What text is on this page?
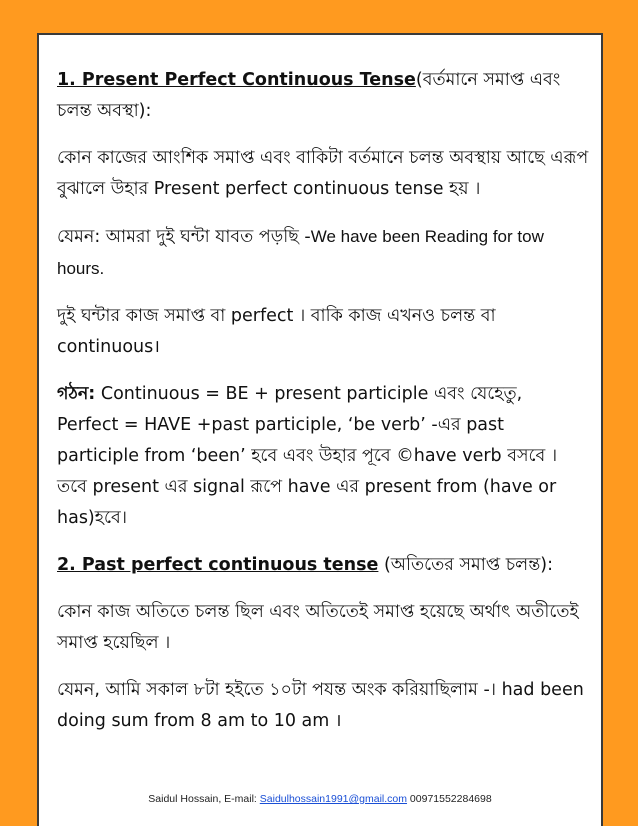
1. Present Perfect Continuous Tense(বর্তমানে সমাপ্ত এবং চলন্ত অবস্থা):

কোন কাজের আংশিক সমাপ্ত এবং বাকিটা বর্তমানে চলন্ত অবস্থায় আছে এরূপ বুঝালে উহার Present perfect continuous tense হয় ।

যেমন: আমরা দুই ঘন্টা যাবত পড়ছি -We have been Reading for tow hours.

দুই ঘন্টার কাজ সমাপ্ত বা perfect । বাকি কাজ এখনও চলন্ত বা continuous।

গঠন: Continuous = BE + present participle এবং যেহেতু, Perfect = HAVE +past participle, ‘be verb’ -এর past participle from ‘been’ হবে এবং উহার পূবে ©have verb বসবে । তবে present এর signal রূপে have এর present from (have or has)হবে।

2. Past perfect continuous tense (অতিতের সমাপ্ত চলন্ত):

কোন কাজ অতিতে চলন্ত ছিল এবং অতিতেই সমাপ্ত হয়েছে অর্থাৎ অতীতেই সমাপ্ত হয়েছিল ।

যেমন, আমি সকাল ৮টা হইতে ১০টা পযন্ত অংক করিয়াছিলাম -। had been doing sum from 8 am to 10 am ।

Saidul Hossain, E-mail: Saidulhossain1991@gmail.com 00971552284698
